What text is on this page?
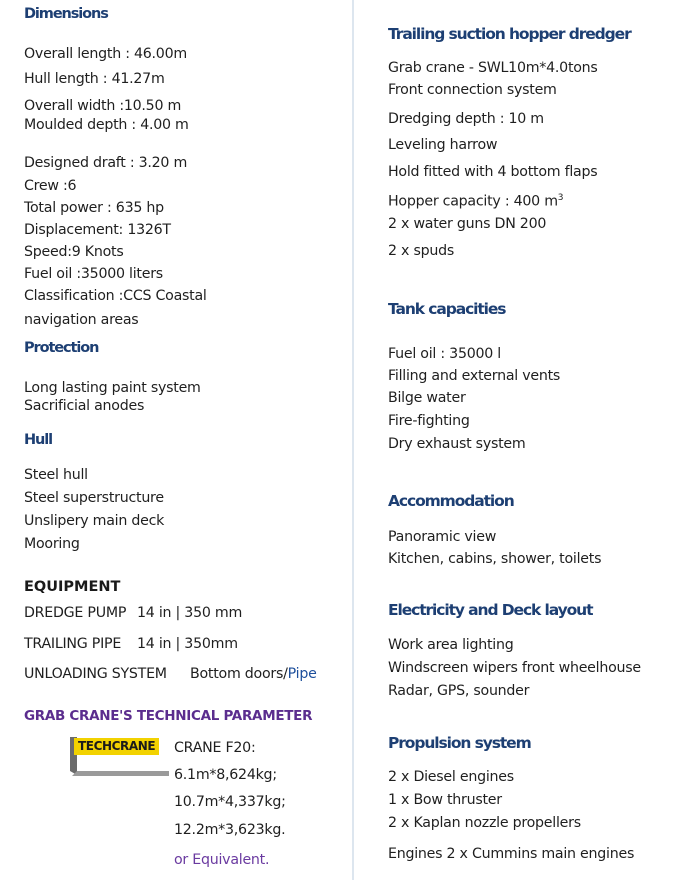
Dimensions
Overall length : 46.00m
Hull length : 41.27m
Overall width :10.50 m
Moulded depth : 4.00 m
Designed draft : 3.20 m
Crew :6
Total power : 635 hp
Displacement: 1326T
Speed:9 Knots
Fuel oil :35000 liters
Classification :CCS Coastal
navigation areas
Protection
Long lasting paint system
Sacrificial anodes
Hull
Steel hull
Steel superstructure
Unslipery main deck
Mooring
EQUIPMENT
DREDGE PUMP 14 in | 350 mm
TRAILING PIPE 14 in | 350mm
UNLOADING SYSTEM Bottom doors/Pipe
GRAB CRANE'S TECHNICAL PARAMETER
TECHCRANE CRANE F20:
6.1m*8,624kg;
10.7m*4,337kg;
12.2m*3,623kg.
or Equivalent.
Trailing suction hopper dredger
Grab crane - SWL10m*4.0tons
Front connection system
Dredging depth : 10 m
Leveling harrow
Hold fitted with 4 bottom flaps
Hopper capacity : 400 $m^3$
2 x water guns DN 200
2 x spuds
Tank capacities
Fuel oil : 35000 l
Filling and external vents
Bilge water
Fire-fighting
Dry exhaust system
Accommodation
Panoramic view
Kitchen, cabins, shower, toilets
Electricity and Deck layout
Work area lighting
Windscreen wipers front wheelhouse
Radar, GPS, sounder
Propulsion system
2 x Diesel engines
1 x Bow thruster
2 x Kaplan nozzle propellers
Engines 2 x Cummins main engines
